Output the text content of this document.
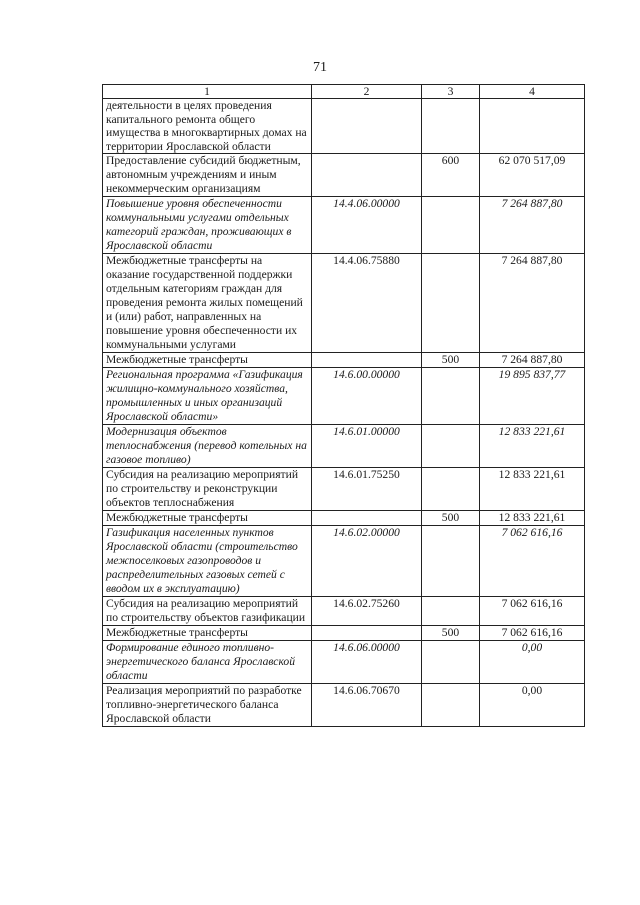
71
1	2	3	4
деятельности в целях проведения капитального ремонта общего имущества в многоквартирных домах на территории Ярославской области			
Предоставление субсидий бюджетным, автономным учреждениям и иным некоммерческим организациям		600	62 070 517,09
Повышение уровня обеспеченности коммунальными услугами отдельных категорий граждан, проживающих в Ярославской области	14.4.06.00000		7 264 887,80
Межбюджетные трансферты на оказание государственной поддержки отдельным категориям граждан для проведения ремонта жилых помещений и (или) работ, направленных на повышение уровня обеспеченности их коммунальными услугами	14.4.06.75880		7 264 887,80
Межбюджетные трансферты		500	7 264 887,80
Региональная программа «Газификация жилищно-коммунального хозяйства, промышленных и иных организаций Ярославской области»	14.6.00.00000		19 895 837,77
Модернизация объектов теплоснабжения (перевод котельных на газовое топливо)	14.6.01.00000		12 833 221,61
Субсидия на реализацию мероприятий по строительству и реконструкции объектов теплоснабжения	14.6.01.75250		12 833 221,61
Межбюджетные трансферты		500	12 833 221,61
Газификация населенных пунктов Ярославской области (строительство межпоселковых газопроводов и распределительных газовых сетей с вводом их в эксплуатацию)	14.6.02.00000		7 062 616,16
Субсидия на реализацию мероприятий по строительству объектов газификации	14.6.02.75260		7 062 616,16
Межбюджетные трансферты		500	7 062 616,16
Формирование единого топливно-энергетического баланса Ярославской области	14.6.06.00000		0,00
Реализация мероприятий по разработке топливно-энергетического баланса Ярославской области	14.6.06.70670		0,00
